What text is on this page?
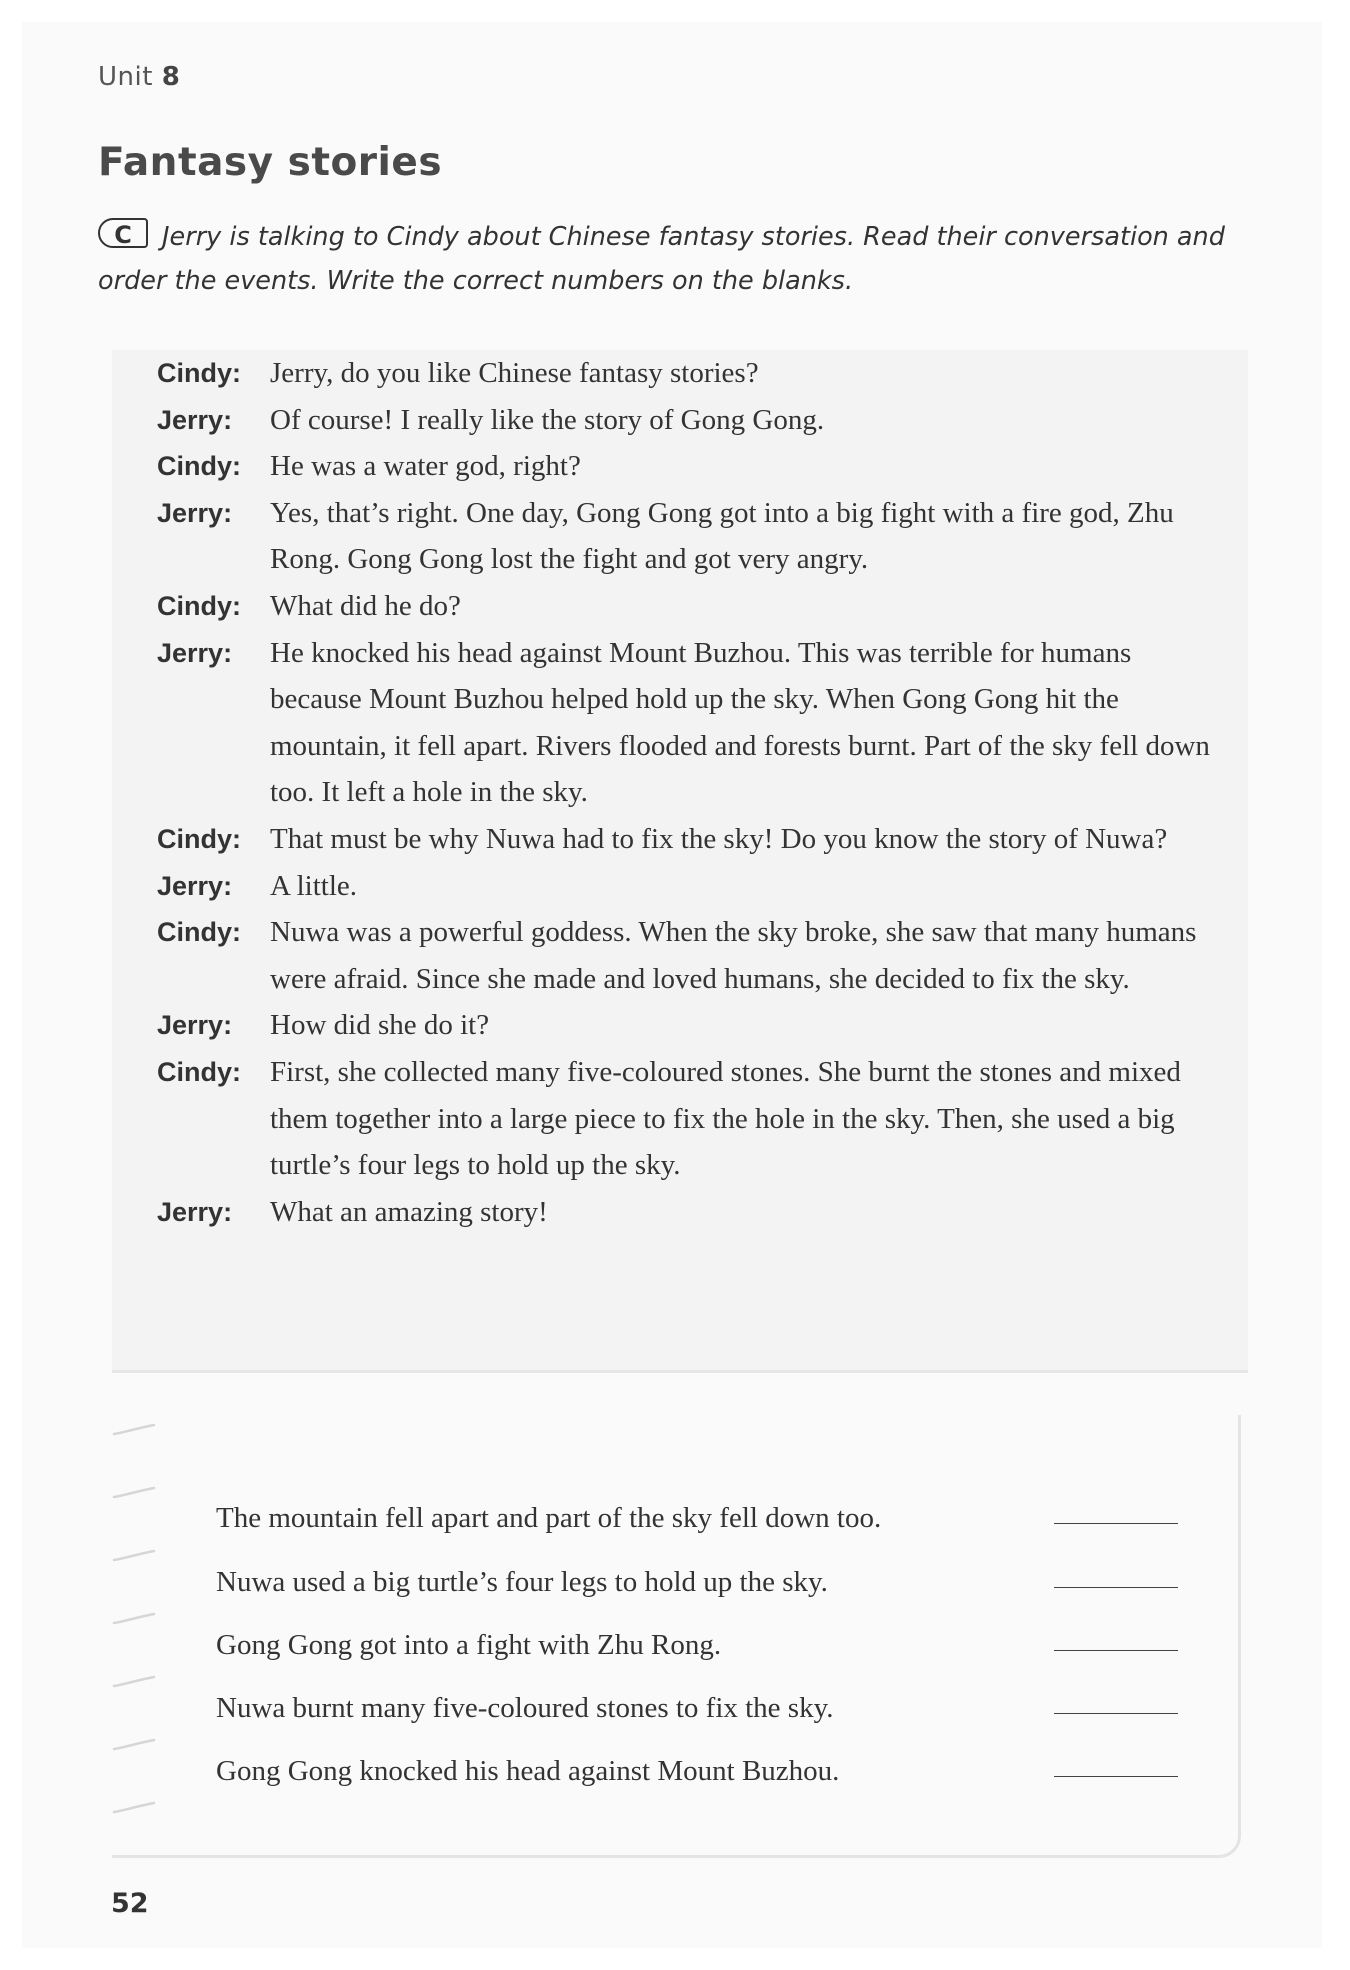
Unit 8
Fantasy stories
C Jerry is talking to Cindy about Chinese fantasy stories. Read their conversation and order the events. Write the correct numbers on the blanks.
Cindy:	Jerry, do you like Chinese fantasy stories?
Jerry:	Of course! I really like the story of Gong Gong.
Cindy:	He was a water god, right?
Jerry:	Yes, that’s right. One day, Gong Gong got into a big fight with a fire god, Zhu Rong. Gong Gong lost the fight and got very angry.
Cindy:	What did he do?
Jerry:	He knocked his head against Mount Buzhou. This was terrible for humans because Mount Buzhou helped hold up the sky. When Gong Gong hit the mountain, it fell apart. Rivers flooded and forests burnt. Part of the sky fell down too. It left a hole in the sky.
Cindy:	That must be why Nuwa had to fix the sky! Do you know the story of Nuwa?
Jerry:	A little.
Cindy:	Nuwa was a powerful goddess. When the sky broke, she saw that many humans were afraid. Since she made and loved humans, she decided to fix the sky.
Jerry:	How did she do it?
Cindy:	First, she collected many five-coloured stones. She burnt the stones and mixed them together into a large piece to fix the hole in the sky. Then, she used a big turtle’s four legs to hold up the sky.
Jerry:	What an amazing story!
The mountain fell apart and part of the sky fell down too.
Nuwa used a big turtle’s four legs to hold up the sky.
Gong Gong got into a fight with Zhu Rong.
Nuwa burnt many five-coloured stones to fix the sky.
Gong Gong knocked his head against Mount Buzhou.
52
